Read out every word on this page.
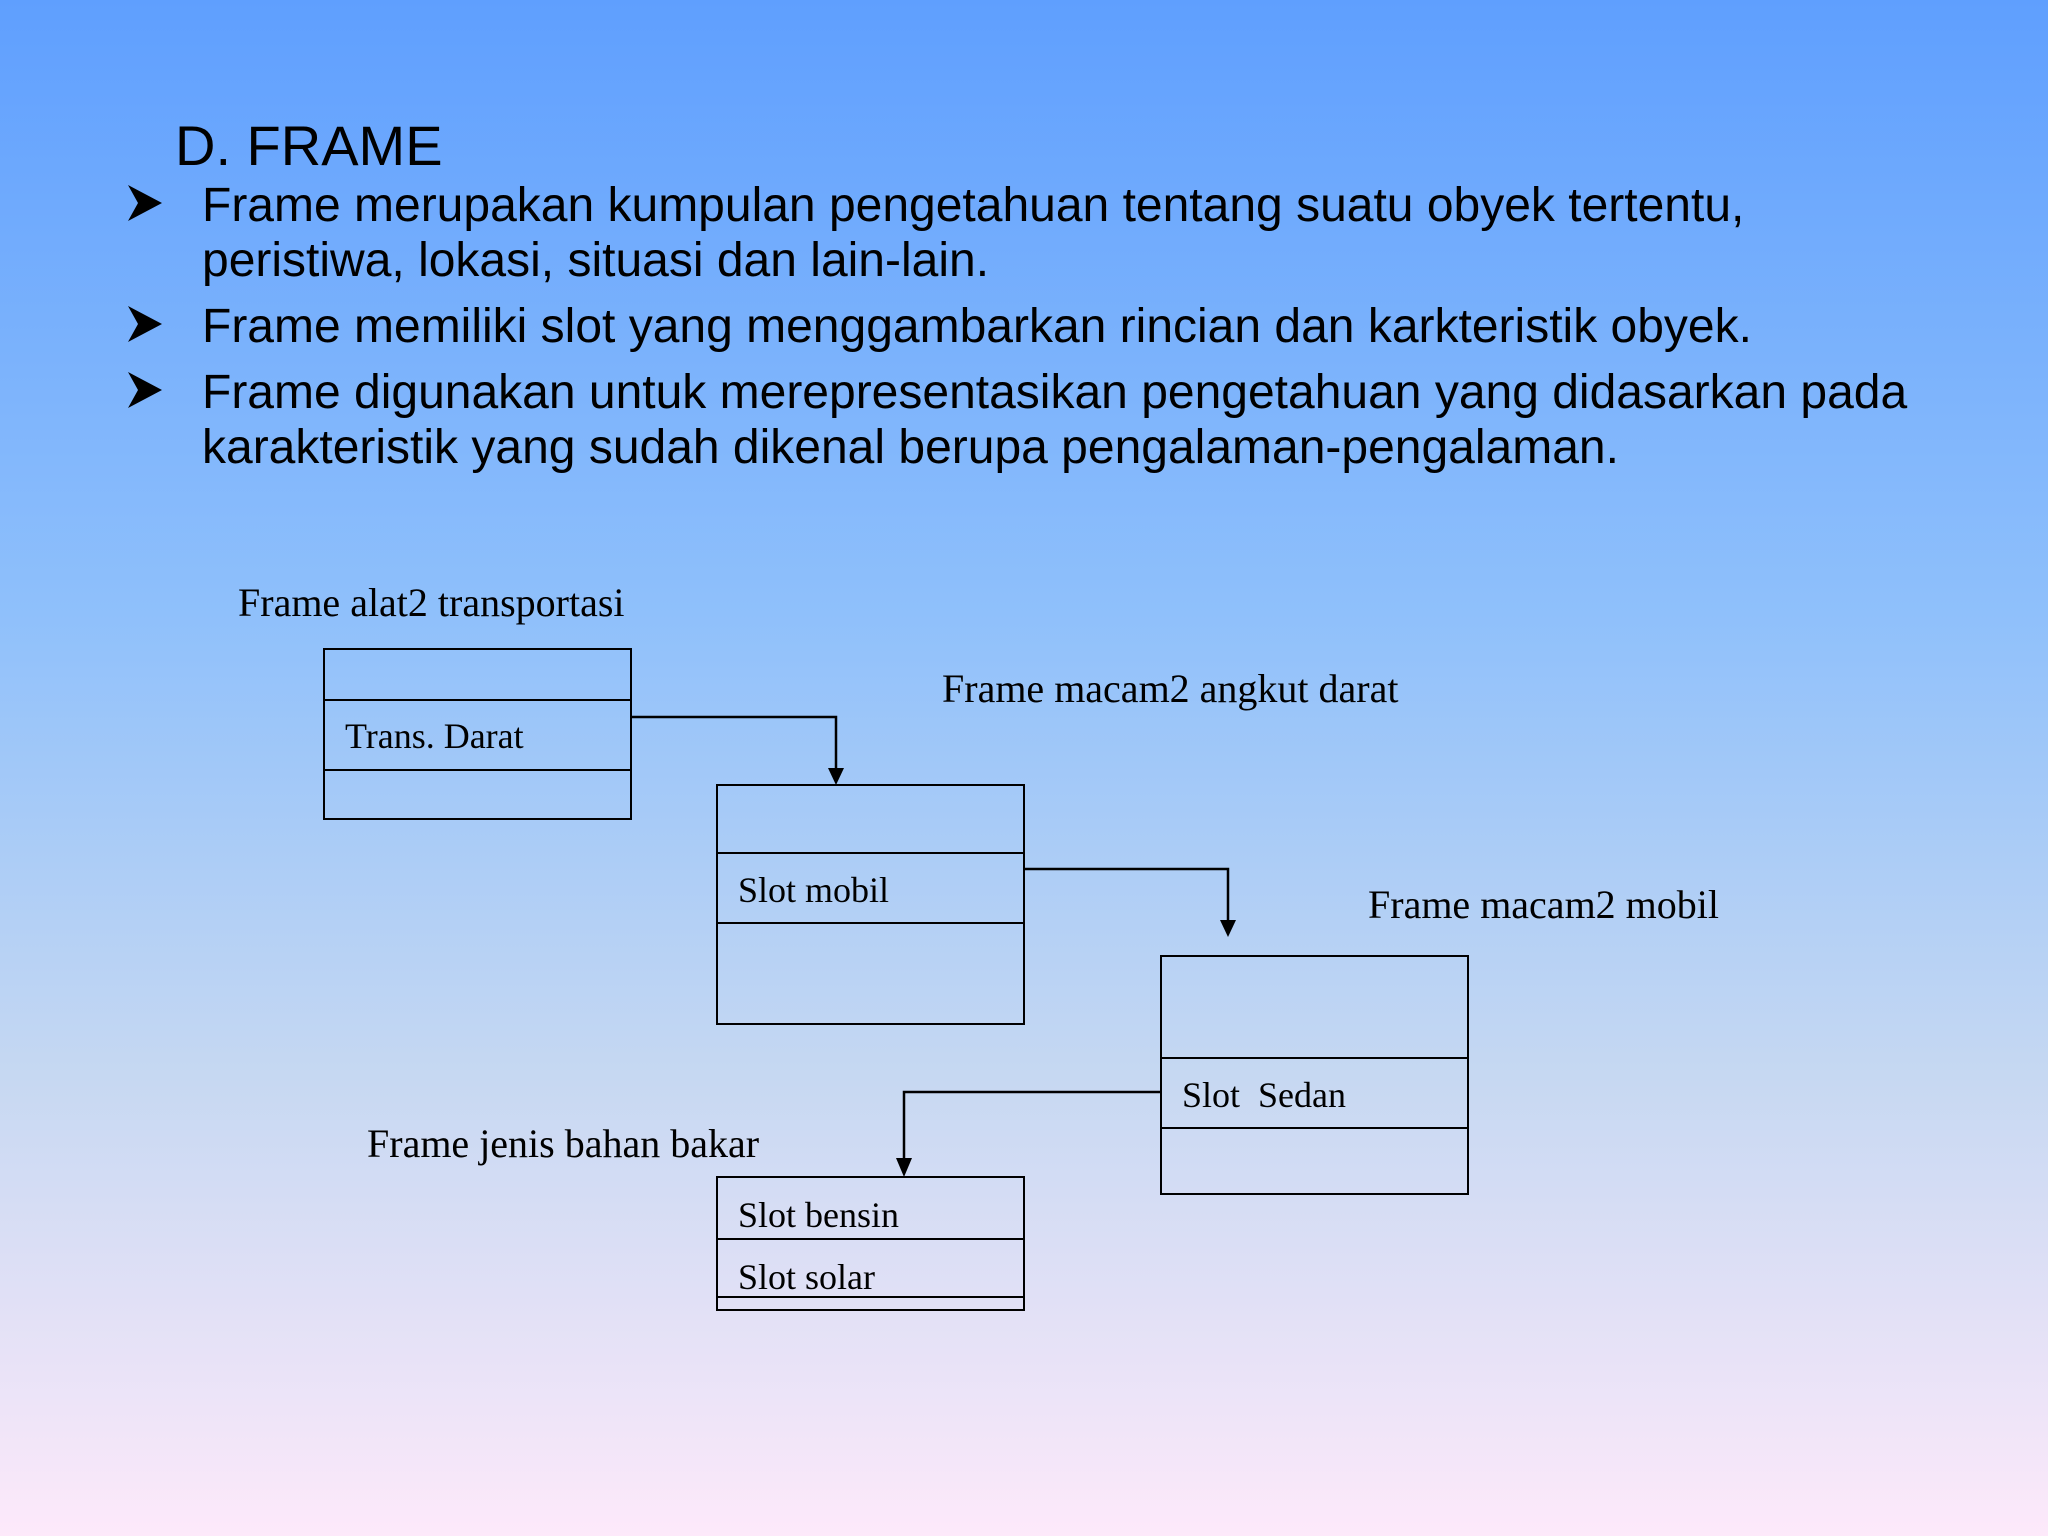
D. FRAME
Frame merupakan kumpulan pengetahuan tentang suatu obyek tertentu, peristiwa, lokasi, situasi dan lain-lain.
Frame memiliki slot yang menggambarkan rincian dan karkteristik obyek.
Frame digunakan untuk merepresentasikan pengetahuan yang didasarkan pada karakteristik yang sudah dikenal berupa pengalaman-pengalaman.
Frame alat2 transportasi
Trans. Darat
Frame macam2 angkut darat
Slot mobil	Frame macam2 mobil
Slot  Sedan
Frame jenis bahan bakar
Slot bensin
Slot solar
